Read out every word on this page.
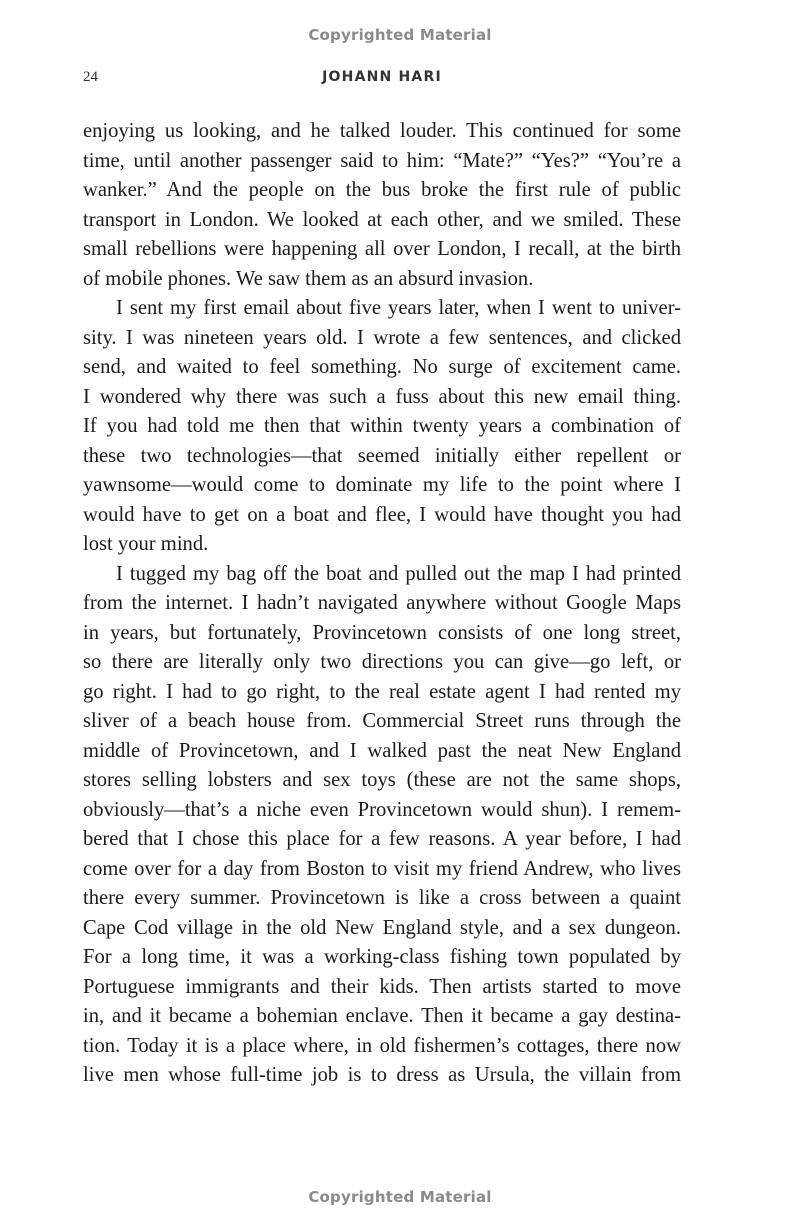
Copyrighted Material
24	JOHANN HARI
enjoying us looking, and he talked louder. This continued for some
time, until another passenger said to him: “Mate?” “Yes?” “You’re a
wanker.” And the people on the bus broke the first rule of public
transport in London. We looked at each other, and we smiled. These
small rebellions were happening all over London, I recall, at the birth
of mobile phones. We saw them as an absurd invasion.
I sent my first email about five years later, when I went to univer-
sity. I was nineteen years old. I wrote a few sentences, and clicked
send, and waited to feel something. No surge of excitement came.
I wondered why there was such a fuss about this new email thing.
If you had told me then that within twenty years a combination of
these two technologies—that seemed initially either repellent or
yawnsome—would come to dominate my life to the point where I
would have to get on a boat and flee, I would have thought you had
lost your mind.
I tugged my bag off the boat and pulled out the map I had printed
from the internet. I hadn’t navigated anywhere without Google Maps
in years, but fortunately, Provincetown consists of one long street,
so there are literally only two directions you can give—go left, or
go right. I had to go right, to the real estate agent I had rented my
sliver of a beach house from. Commercial Street runs through the
middle of Provincetown, and I walked past the neat New England
stores selling lobsters and sex toys (these are not the same shops,
obviously—that’s a niche even Provincetown would shun). I remem-
bered that I chose this place for a few reasons. A year before, I had
come over for a day from Boston to visit my friend Andrew, who lives
there every summer. Provincetown is like a cross between a quaint
Cape Cod village in the old New England style, and a sex dungeon.
For a long time, it was a working-class fishing town populated by
Portuguese immigrants and their kids. Then artists started to move
in, and it became a bohemian enclave. Then it became a gay destina-
tion. Today it is a place where, in old fishermen’s cottages, there now
live men whose full-time job is to dress as Ursula, the villain from
Copyrighted Material
